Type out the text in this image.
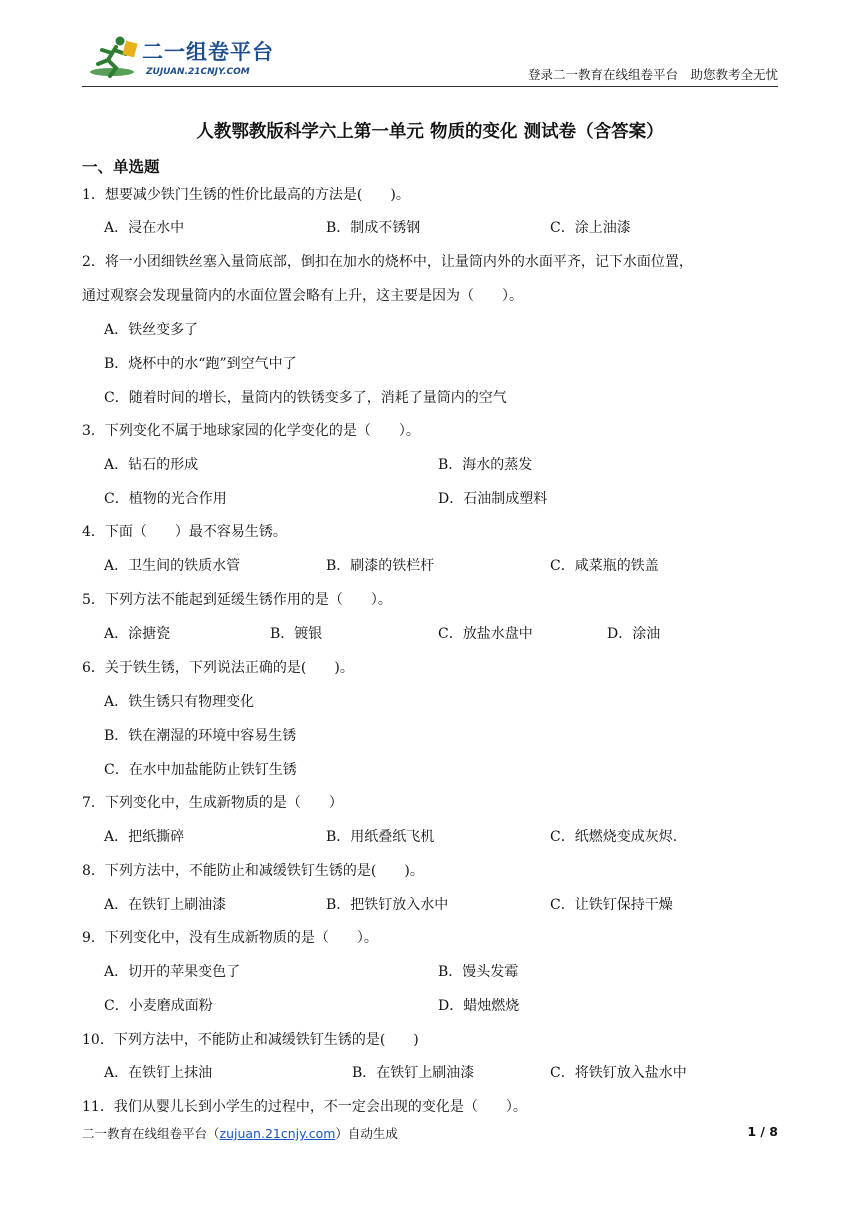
二一组卷平台
ZUJUAN.21CNJY.COM	登录二一教育在线组卷平台　助您教考全无忧
人教鄂教版科学六上第一单元 物质的变化 测试卷（含答案）
一、单选题
1．想要减少铁门生锈的性价比最高的方法是(　　)。
A．浸在水中	B．制成不锈钢	C．涂上油漆
2．将一小团细铁丝塞入量筒底部，倒扣在加水的烧杯中，让量筒内外的水面平齐，记下水面位置，
通过观察会发现量筒内的水面位置会略有上升，这主要是因为（　　）。
A．铁丝变多了
B．烧杯中的水“跑”到空气中了
C．随着时间的增长，量筒内的铁锈变多了，消耗了量筒内的空气
3．下列变化不属于地球家园的化学变化的是（　　）。
A．钻石的形成	B．海水的蒸发
C．植物的光合作用	D．石油制成塑料
4．下面（　　）最不容易生锈。
A．卫生间的铁质水管	B．刷漆的铁栏杆	C．咸菜瓶的铁盖
5．下列方法不能起到延缓生锈作用的是（　　）。
A．涂搪瓷	B．镀银	C．放盐水盘中	D．涂油
6．关于铁生锈，下列说法正确的是(　　)。
A．铁生锈只有物理变化
B．铁在潮湿的环境中容易生锈
C．在水中加盐能防止铁钉生锈
7．下列变化中，生成新物质的是（　　）
A．把纸撕碎	B．用纸叠纸飞机	C．纸燃烧变成灰烬.
8．下列方法中，不能防止和减缓铁钉生锈的是(　　)。
A．在铁钉上刷油漆	B．把铁钉放入水中	C．让铁钉保持干燥
9．下列变化中，没有生成新物质的是（　　）。
A．切开的苹果变色了	B．馒头发霉
C．小麦磨成面粉	D．蜡烛燃烧
10．下列方法中，不能防止和减缓铁钉生锈的是(　　)
A．在铁钉上抹油	B．在铁钉上刷油漆	C．将铁钉放入盐水中
11．我们从婴儿长到小学生的过程中，不一定会出现的变化是（　　）。
二一教育在线组卷平台（zujuan.21cnjy.com）自动生成	1 / 8
